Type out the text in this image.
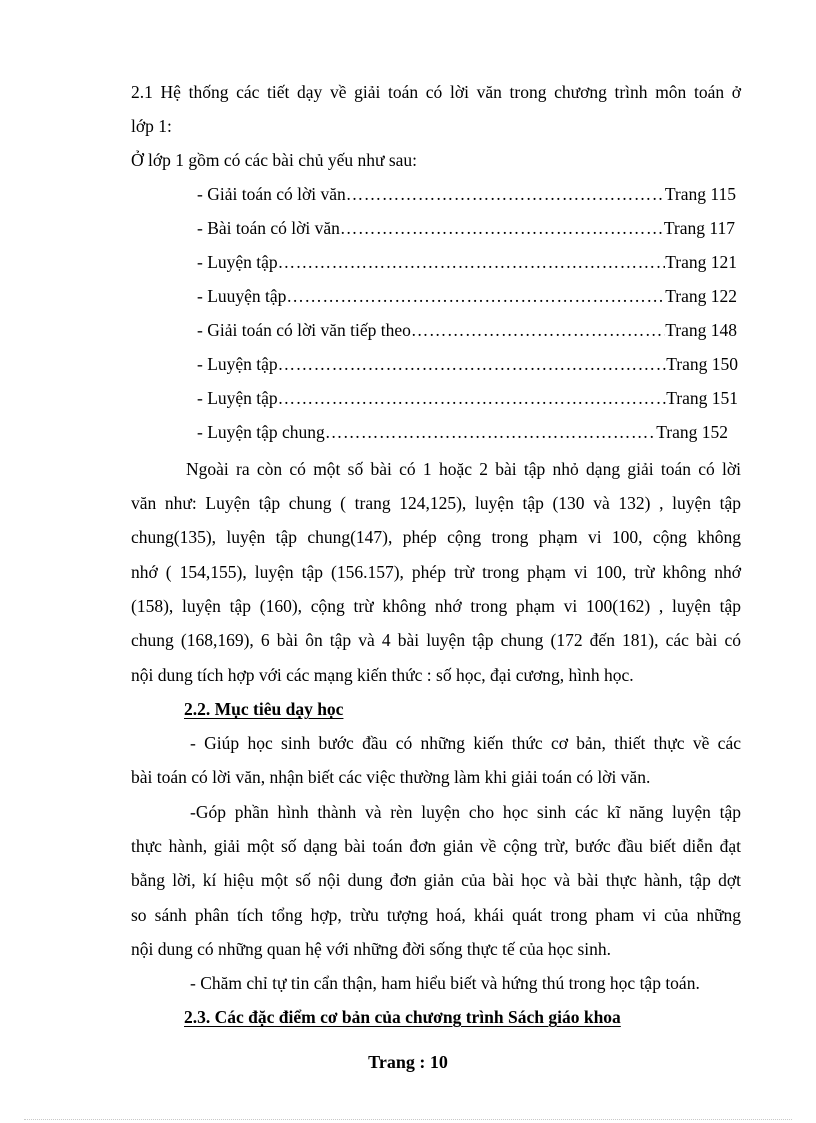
2.1 Hệ thống các tiết dạy về giải toán có lời văn trong chương trình môn toán ở
lớp 1:
Ở lớp 1 gồm có các bài chủ yếu như sau:
- Giải toán có lời văn ……………………………………………………………………………………………………………	Trang 115
- Bài toán có lời văn ……………………………………………………………………………………………………………	Trang 117
- Luyện tập ……………………………………………………………………………………………………………	Trang 121
- Luuyện tập ……………………………………………………………………………………………………………	Trang 122
- Giải toán có lời văn tiếp theo ……………………………………………………………………………………………………………	Trang 148
- Luyện tập ……………………………………………………………………………………………………………	Trang 150
- Luyện tập ……………………………………………………………………………………………………………	Trang 151
- Luyện tập chung ……………………………………………………………………………………………………………	Trang 152
Ngoài ra còn có một số bài có 1 hoặc 2 bài tập nhỏ dạng giải toán có lời
văn như: Luyện tập chung ( trang 124,125), luyện tập (130 và 132) , luyện tập
chung(135), luyện tập chung(147), phép cộng trong phạm vi 100, cộng không
nhớ ( 154,155), luyện tập (156.157), phép trừ trong phạm vi 100, trừ không nhớ
(158), luyện tập (160), cộng trừ không nhớ trong phạm vi 100(162) , luyện tập
chung (168,169), 6 bài ôn tập và 4 bài luyện tập chung (172 đến 181), các bài có
nội dung tích hợp với các mạng kiến thức : số học, đại cương, hình học.
2.2. Mục tiêu dạy học
- Giúp học sinh bước đầu có những kiến thức cơ bản, thiết thực về các
bài toán có lời văn, nhận biết các việc thường làm khi giải toán có lời văn.
-Góp phần hình thành và rèn luyện cho học sinh các kĩ năng luyện tập
thực hành, giải một số dạng bài toán đơn giản về cộng trừ, bước đầu biết diễn đạt
bằng lời, kí hiệu một số nội dung đơn giản của bài học và bài thực hành, tập dợt
so sánh phân tích tổng hợp, trừu tượng hoá, khái quát trong pham vi của những
nội dung có những quan hệ với những đời sống thực tế của học sinh.
- Chăm chỉ tự tin cẩn thận, ham hiểu biết và hứng thú trong học tập toán.
2.3. Các đặc điểm cơ bản của chương trình Sách giáo khoa
Trang : 10
